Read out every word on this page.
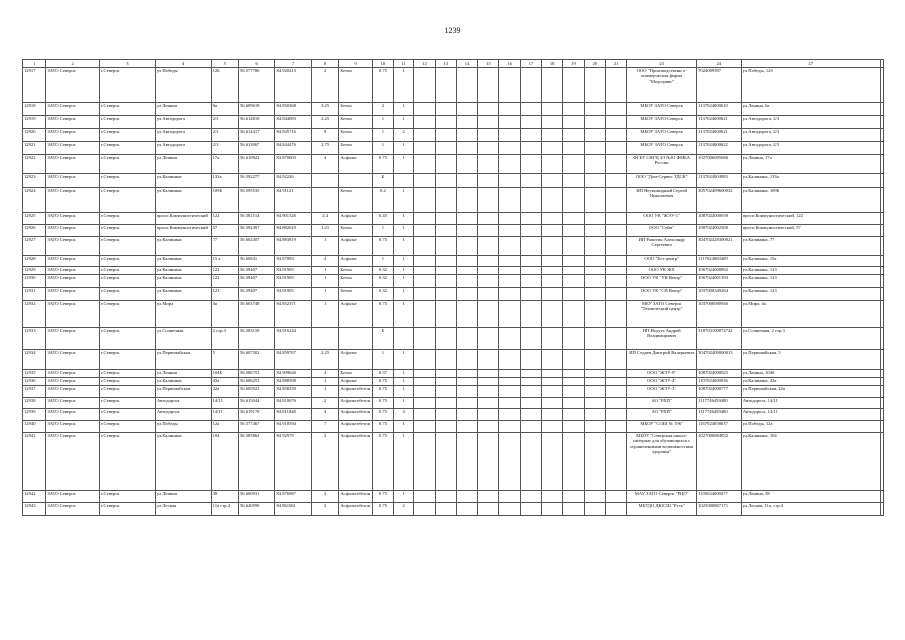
1239
1	2	3	4	5	6	7	8	9	10	11	12	13	14	15	16	17	18	19	20	21	23	24	27	
12917	ЗАТО Северск	г.Северск	ул.Победы	12Б	56.577786	84.920213	2	Бетон	0.75	1											ООО "Производственн о-коммерческая фирма "Медсервис"	7024009397	ул.Победы, 12б	
12918	ЗАТО Северск	г.Северск	ул.Ленина	6а	56.609618	84.850368	3.25	Бетон	2	1											МБОУ ЗАТО Северск	1137024000610	ул.Ленина, 6а	
12919	ЗАТО Северск	г.Северск	ул.Автодорога	2/3	56.614818	84.844083	2.25	Бетон	1	1											МБОУ ЗАТО Северск	1137024000621	ул.Автодорога, 2/3	
12920	ЗАТО Северск	г.Северск	ул.Автодорога	2/3	56.614417	84.845716	9	Бетон	1	2											МБОУ ЗАТО Северск	1137024000621	ул.Автодорога, 2/3	
12921	ЗАТО Северск	г.Северск	ул.Автодорога	2/3	56.611867	84.844476	2.75	Бетон	1	1											МБОУ ЗАТО Северск	1137024000622	ул.Автодорога, 2/3	
12922	ЗАТО Северск	г.Северск	ул.Ленина	17а	56.610922	84.870603	4	Асфальт	0.75	1											ФГБУ СНГЦ ЗЭ №81 ФМБА России	1027006085686	ул.Ленина, 17а	
12923	ЗАТО Северск	г.Северск	ул.Калинина	133а	56.592277	84.92226			Б												ООО "Дом-Сервис ТДСК"	1137024004983	ул.Калинина, 133а	
12924	ЗАТО Северск	г.Северск	ул.Калинина	109Б	56.595535	84.91121		Бетон	0.2	1											ИП Неумоиндный Сергей Николаевич	305702409600032	ул.Калинина, 109Б	
12925	ЗАТО Северск	г.Северск	просп.Коммунистический	122	56.581514	84.901326	2.4	Асфальт	0.45	1											ООО УК "ЖЭУ-1"	1087024000039	просп.Коммунистический, 122	
12926	ЗАТО Северск	г.Северск	просп.Коммунистический	57	56.592497	84.882619	1.21	Бетон	1	1											ООО "Сейм"	1087024002500	просп.Коммунистический, 57	
12927	ЗАТО Северск	г.Северск	ул.Калинина	77	56.602407	84.883819	1	Асфальт	0.75	1											ИП Ракитин Александр Сергеевич	304702428300021	ул.Калинина, 77	
12928	ЗАТО Северск	г.Северск	ул.Калинина	15 а	56.60841	84.87083	4	Асфальт	1	1											ООО "Ест-центр"	1117024000409	ул.Калинина, 15а	
12929	ЗАТО Северск	г.Северск	ул.Калинина	122	56.59407	84.91905	1	Бетон	0.32	1											ООО УК ЖХ	1067024000892	ул.Калинина, 123	
12930	ЗАТО Северск	г.Северск	ул.Калинина	122	56.59407	84.91905	1	Бетон	0.32	1											ООО УК "УК Вектр"	1067024001393	ул.Калинина, 123	
12931	ЗАТО Северск	г.Северск	ул.Калинина	123	56.59407	84.91905	1	Бетон	0.32	1											ООО УК "СП Вектр"	1037000349264	ул.Калинина, 123	
12932	ЗАТО Северск	г.Северск	ул.Мира	4а	56.603748	84.852371	1	Асфальт	0.75	1											МБУ ЗАТО Северск "Технический центр"	1037000080946	ул.Мира, 4а	
12933	ЗАТО Северск	г.Северск	ул.Солнечная	2 стр.3	56.583158	84.916244			Б												ИП Нодуга Андрей Владимирович	318703100074742	ул.Солнечная, 2 стр.3	
12934	ЗАТО Северск	г.Северск	ул.Первомайская	5	56.607302	84.859767	2.25	Асфальт	1	1											ИП Седнев Дмитрий Валерьевич	304702409000013	ул.Первомайская, 5	
12935	ЗАТО Северск	г.Северск	ул.Ленина	104Б	56.586753	84.909626	4	Бетон	0.37	1											ООО "ЖЭУ-9"	1087024000025	ул.Ленина, 104б	
12936	ЗАТО Северск	г.Северск	ул.Калинина	43а	56.606253	84.888508	1	Асфальт	0.75	1											ООО "ЖЭУ-4"	1107024000036	ул.Калинина, 43а	
12937	ЗАТО Северск	г.Северск	ул.Первомайская	22а	56.605922	84.858239	1	Асфальтобетон	0.75	1											ООО "ЖЭУ-1"	1087024000777	ул.Первомайская, 22а	
12938	ЗАТО Северск	г.Северск	Автодорога	14/11	56.615044	84.810076	2	Асфальтобетон	0.75	1											АО "РХП"	1117746459480	Автодорога, 14/11	
12939	ЗАТО Северск	г.Северск	Автодорога	14/11	56.619178	84.811848	4	Асфальтобетон	0.75	4											АО "РХП"	1117746459480	Автодорога, 14/11	
12940	ЗАТО Северск	г.Северск	ул.Победы	12а	56.577467	84.918594	7	Асфальтобетон	0.75	1											МБОУ "СОШ № 196"	1167024058637	ул.Победы, 12а	
12941	ЗАТО Северск	г.Северск	ул.Калинина	104	56.585864	84.92979	2	Асфальтобетон	0.75	1											МБОУ "Северская школа-интернат для обучающихся с ограниченными возможностями здоровья"	1027000884832	ул.Калинина, 104	
12942	ЗАТО Северск	г.Северск	ул.Ленина	38	56.600931	84.876987	2	Асфальтобетон	0.75	1											МАУ ЗАТО Северск "РЦО"	1105024000477	ул.Ленина, 38	
12943	ЗАТО Северск	г.Северск	ул.Лесная	11а стр.4	56.620599	84.861061	2	Асфальтобетон	0.75	2											МБУДО ДЮСШ "Русь"	1025000867171	ул.Лесная, 11а, стр.4	
